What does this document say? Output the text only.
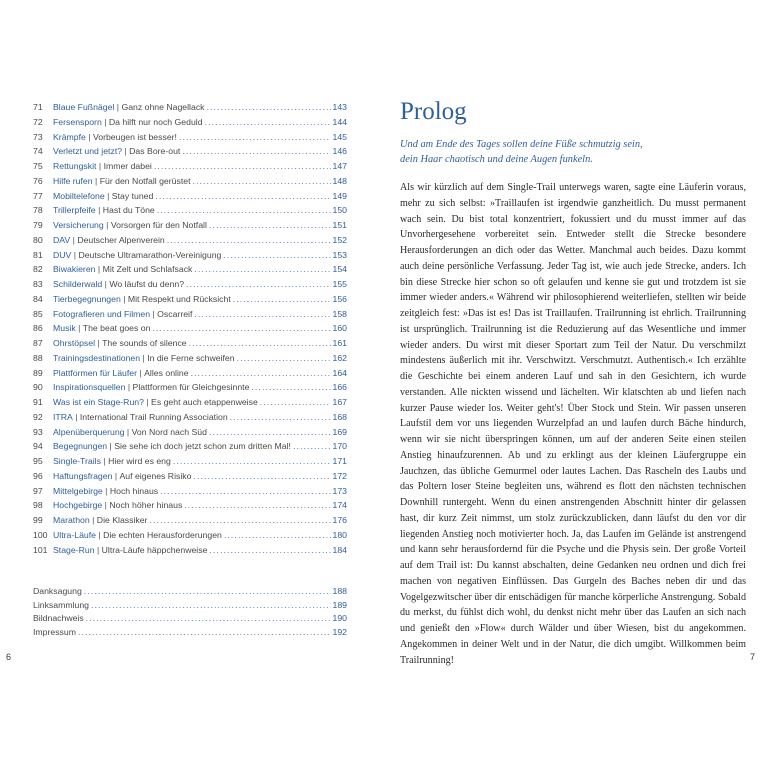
71	Blaue Fußnägel | Ganz ohne Nagellack .....	143
72	Fersensporn | Da hilft nur noch Geduld .....	144
73	Krämpfe | Vorbeugen ist besser! .....	145
74	Verletzt und jetzt? | Das Bore-out .....	146
75	Rettungskit | Immer dabei .....	147
76	Hilfe rufen | Für den Notfall gerüstet .....	148
77	Mobiltelefone | Stay tuned .....	149
78	Trillerpfeife | Hast du Töne .....	150
79	Versicherung | Vorsorgen für den Notfall .....	151
80	DAV | Deutscher Alpenverein .....	152
81	DUV | Deutsche Ultramarathon-Vereinigung .....	153
82	Biwakieren | Mit Zelt und Schlafsack .....	154
83	Schilderwald | Wo läufst du denn? .....	155
84	Tierbegegnungen | Mit Respekt und Rücksicht .....	156
85	Fotografieren und Filmen | Oscarreif .....	158
86	Musik | The beat goes on .....	160
87	Ohrstöpsel | The sounds of silence .....	161
88	Trainingsdestinationen | In die Ferne schweifen .....	162
89	Plattformen für Läufer | Alles online .....	164
90	Inspirationsquellen | Plattformen für Gleichgesinnte .....	166
91	Was ist ein Stage-Run? | Es geht auch etappenweise .....	167
92	ITRA | International Trail Running Association .....	168
93	Alpenüberquerung | Von Nord nach Süd .....	169
94	Begegnungen | Sie sehe ich doch jetzt schon zum dritten Mal! .....	170
95	Single-Trails | Hier wird es eng .....	171
96	Haftungsfragen | Auf eigenes Risiko .....	172
97	Mittelgebirge | Hoch hinaus .....	173
98	Hochgebirge | Noch höher hinaus .....	174
99	Marathon | Die Klassiker .....	176
100 Ultra-Läufe | Die echten Herausforderungen .....	180
101 Stage-Run | Ultra-Läufe häppchenweise .....	184
Danksagung .....	188
Linksammlung .....	189
Bildnachweis .....	190
Impressum .....	192
6
Prolog

Und am Ende des Tages sollen deine Füße schmutzig sein,
dein Haar chaotisch und deine Augen funkeln.

Als wir kürzlich auf dem Single-Trail unterwegs waren, sagte eine Läuferin voraus, mehr zu sich selbst: »Traillaufen ist irgendwie ganzheitlich. Du musst permanent wach sein. Du bist total konzentriert, fokussiert und du musst immer auf das Unvorhergesehene vorbereitet sein. Entweder stellt die Strecke besondere Herausforderungen an dich oder das Wetter. Manchmal auch beides. Dazu kommt auch deine persönliche Verfassung. Jeder Tag ist, wie auch jede Strecke, anders. Ich bin diese Strecke hier schon so oft gelaufen und kenne sie gut und trotzdem ist sie immer wieder anders.« Während wir philosophierend weiterliefen, stellten wir beide zeitgleich fest: »Das ist es! Das ist Traillaufen. Trailrunning ist ehrlich. Trailrunning ist ursprünglich. Trailrunning ist die Reduzierung auf das Wesentliche und immer wieder anders. Du wirst mit dieser Sportart zum Teil der Natur. Du verschmilzt mindestens äußerlich mit ihr. Verschwitzt. Verschmutzt. Authentisch.« Ich erzählte die Geschichte bei einem anderen Lauf und sah in den Gesichtern, ich wurde verstanden. Alle nickten wissend und lächelten. Wir klatschten ab und liefen nach kurzer Pause wieder los. Weiter geht's! Über Stock und Stein. Wir passen unseren Laufstil dem vor uns liegenden Wurzelpfad an und laufen durch Bäche hindurch, wenn wir sie nicht überspringen können, um auf der anderen Seite einen steilen Anstieg hinaufzurennen. Ab und zu erklingt aus der kleinen Läufergruppe ein Jauchzen, das übliche Gemurmel oder lautes Lachen. Das Rascheln des Laubs und das Poltern loser Steine begleiten uns, während es flott den nächsten technischen Downhill runtergeht. Wenn du einen anstrengenden Abschnitt hinter dir gelassen hast, dir kurz Zeit nimmst, um stolz zurückzublicken, dann läufst du den vor dir liegenden Anstieg noch motivierter hoch. Ja, das Laufen im Gelände ist anstrengend und kann sehr herausfordernd für die Psyche und die Physis sein. Der große Vorteil auf dem Trail ist: Du kannst abschalten, deine Gedanken neu ordnen und dich frei machen von negativen Einflüssen. Das Gurgeln des Baches neben dir und das Vogelgezwitscher über dir entschädigen für manche körperliche Anstrengung. Sobald du merkst, du fühlst dich wohl, du denkst nicht mehr über das Laufen an sich nach und genießt den »Flow« durch Wälder und über Wiesen, bist du angekommen. Angekommen in deiner Welt und in der Natur, die dich umgibt. Willkommen beim Trailrunning!	7
